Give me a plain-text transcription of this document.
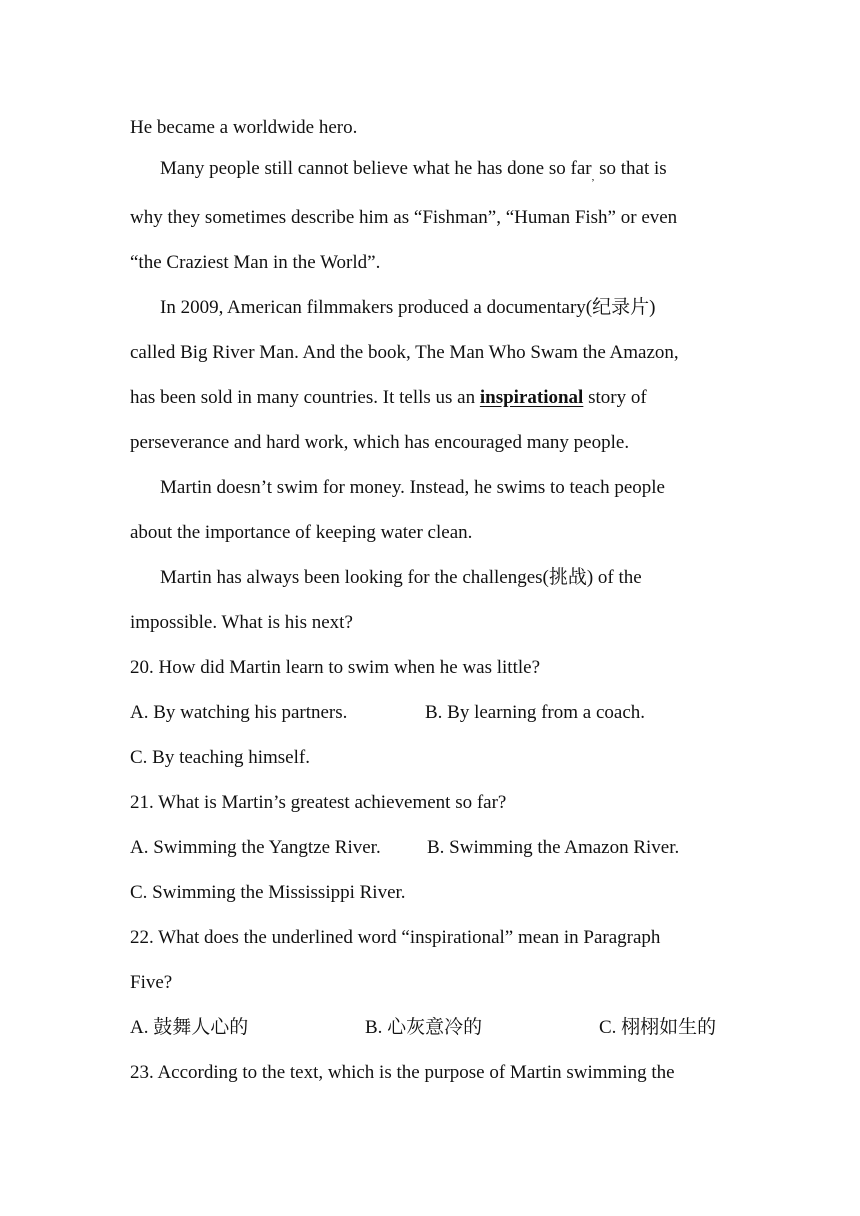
He became a worldwide hero.

Many people still cannot believe what he has done so far$_,$ so that is

why they sometimes describe him as “Fishman”, “Human Fish” or even

“the Craziest Man in the World”.

In 2009, American filmmakers produced a documentary(纪录片)

called Big River Man. And the book, The Man Who Swam the Amazon,

has been sold in many countries. It tells us an inspirational story of

perseverance and hard work, which has encouraged many people.

Martin doesn’t swim for money. Instead, he swims to teach people

about the importance of keeping water clean.

Martin has always been looking for the challenges(挑战) of the

impossible. What is his next?

20. How did Martin learn to swim when he was little?

A. By watching his partners.	B. By learning from a coach.

C. By teaching himself.

21. What is Martin’s greatest achievement so far?

A. Swimming the Yangtze River. B. Swimming the Amazon River.

C. Swimming the Mississippi River.

22. What does the underlined word “inspirational” mean in Paragraph

Five?

A. 鼓舞人心的	B. 心灰意冷的	C. 栩栩如生的

23. According to the text, which is the purpose of Martin swimming the
